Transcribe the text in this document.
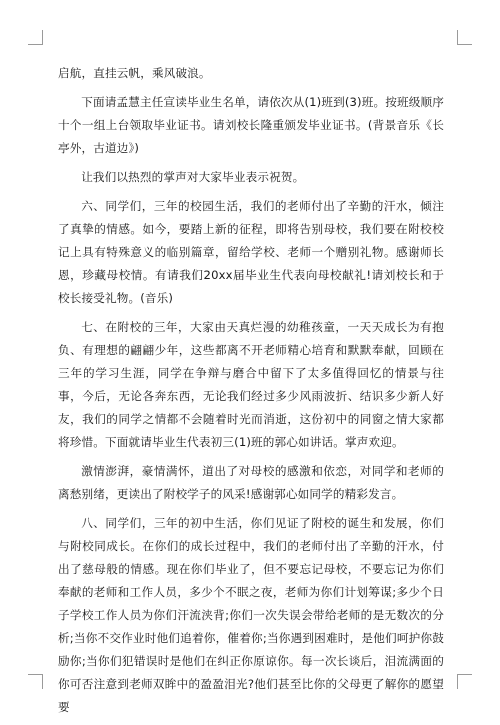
启航，直挂云帆，乘风破浪。

下面请孟慧主任宣读毕业生名单，请依次从(1)班到(3)班。按班级顺序十个一组上台领取毕业证书。请刘校长隆重颁发毕业证书。(背景音乐《长亭外，古道边》)

让我们以热烈的掌声对大家毕业表示祝贺。

六、同学们，三年的校园生活，我们的老师付出了辛勤的汗水，倾注了真挚的情感。如今，要踏上新的征程，即将告别母校，我们要在附校校记上具有特殊意义的临别篇章，留给学校、老师一个赠别礼物。感谢师长恩，珍藏母校情。有请我们20xx届毕业生代表向母校献礼!请刘校长和于校长接受礼物。(音乐)

七、在附校的三年，大家由天真烂漫的幼稚孩童，一天天成长为有抱负、有理想的翩翩少年，这些都离不开老师精心培育和默默奉献，回顾在三年的学习生涯，同学在争辩与磨合中留下了太多值得回忆的情景与往事，今后，无论各奔东西，无论我们经过多少风雨波折、结识多少新人好友，我们的同学之情都不会随着时光而消逝，这份初中的同窗之情大家都将珍惜。下面就请毕业生代表初三(1)班的郭心如讲话。掌声欢迎。

激情澎湃，豪情满怀，道出了对母校的感激和依恋，对同学和老师的离愁别绪，更读出了附校学子的风采!感谢郭心如同学的精彩发言。

八、同学们，三年的初中生活，你们见证了附校的诞生和发展，你们与附校同成长。在你们的成长过程中，我们的老师付出了辛勤的汗水，付出了慈母般的情感。现在你们毕业了，但不要忘记母校，不要忘记为你们奉献的老师和工作人员，多少个不眠之夜，老师为你们计划筹谋;多少个日子学校工作人员为你们汗流浃背;你们一次失误会带给老师的是无数次的分析;当你不交作业时他们追着你，催着你;当你遇到困难时，是他们呵护你鼓励你;当你们犯错误时是他们在纠正你原谅你。每一次长谈后，泪流满面的你可否注意到老师双眸中的盈盈泪光?他们甚至比你的父母更了解你的愿望要
